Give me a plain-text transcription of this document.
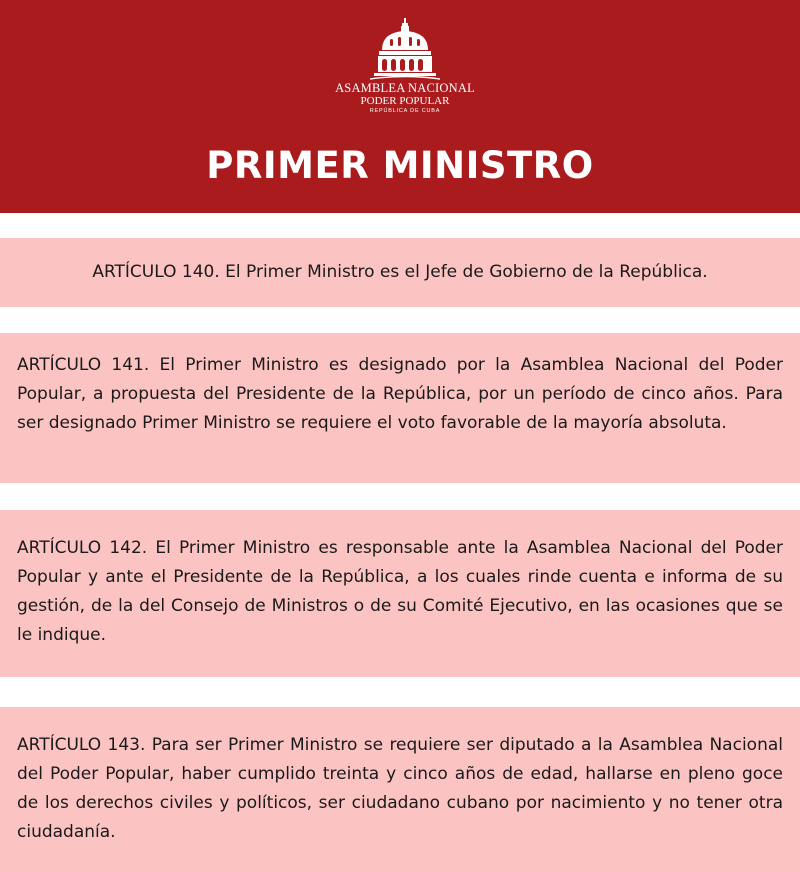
ASAMBLEA NACIONAL
PODER POPULAR
REPÚBLICA DE CUBA
PRIMER MINISTRO

ARTÍCULO 140. El Primer Ministro es el Jefe de Gobierno de la República.

ARTÍCULO 141. El Primer Ministro es designado por la Asamblea Nacional del Poder Popular, a propuesta del Presidente de la República, por un período de cinco años. Para ser designado Primer Ministro se requiere el voto favorable de la mayoría absoluta.

ARTÍCULO 142. El Primer Ministro es responsable ante la Asamblea Nacional del Poder Popular y ante el Presidente de la República, a los cuales rinde cuenta e informa de su gestión, de la del Consejo de Ministros o de su Comité Ejecutivo, en las ocasiones que se le indique.

ARTÍCULO 143. Para ser Primer Ministro se requiere ser diputado a la Asamblea Nacional del Poder Popular, haber cumplido treinta y cinco años de edad, hallarse en pleno goce de los derechos civiles y políticos, ser ciudadano cubano por nacimiento y no tener otra ciudadanía.
